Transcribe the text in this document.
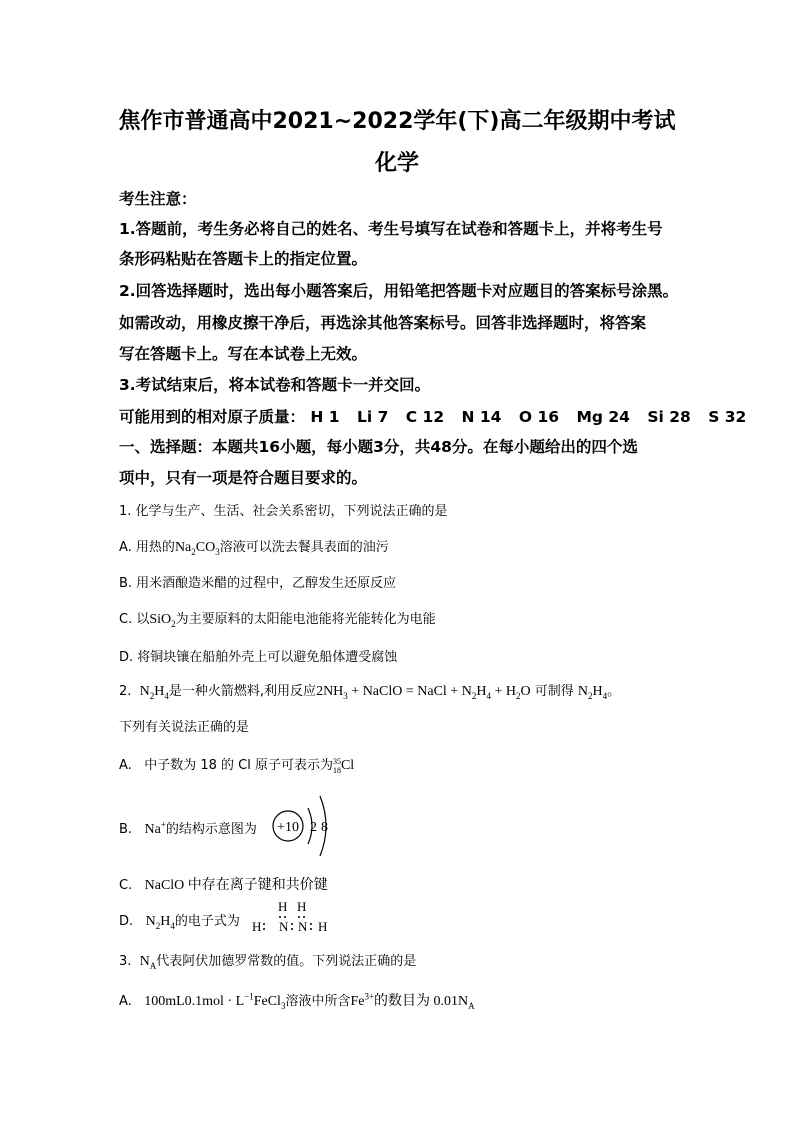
焦作市普通高中2021~2022学年(下)高二年级期中考试
化学
考生注意：
1.答题前，考生务必将自己的姓名、考生号填写在试卷和答题卡上，并将考生号
条形码粘贴在答题卡上的指定位置。
2.回答选择题时，选出每小题答案后，用铅笔把答题卡对应题目的答案标号涂黑。
如需改动，用橡皮擦干净后，再选涂其他答案标号。回答非选择题时，将答案
写在答题卡上。写在本试卷上无效。
3.考试结束后，将本试卷和答题卡一并交回。
可能用到的相对原子质量： H 1 Li 7 C 12 N 14 O 16 Mg 24 Si 28 S 32
一、选择题：本题共16小题，每小题3分，共48分。在每小题给出的四个选
项中，只有一项是符合题目要求的。
1. 化学与生产、生活、社会关系密切，下列说法正确的是
A. 用热的$Na_2CO_3$溶液可以洗去餐具表面的油污
B. 用米酒酿造米醋的过程中，乙醇发生还原反应
C. 以SiO$_2$为主要原料的太阳能电池能将光能转化为电能
D. 将铜块镶在船舶外壳上可以避免船体遭受腐蚀
2. $N_2H_4$是一种火箭燃料,利用反应$2NH_3$ + NaClO = NaCl + $N_2H_4 + H_2O$ 可制得 $N_2H_4$。
下列有关说法正确的是
A. 中子数为 18 的 Cl 原子可表示为35
18Cl
B. Na+的结构示意图为 +10 2 8
C. NaClO 中存在离子键和共价键
D. $N_2H_4$的电子式为
H H
H N N H
3. $N_A$代表阿伏加德罗常数的值。下列说法正确的是
A. $100mL0.1mol \cdot L^{-1}FeCl_3$溶液中所含$Fe^{3+}$的数目为 $0.01N_A$
